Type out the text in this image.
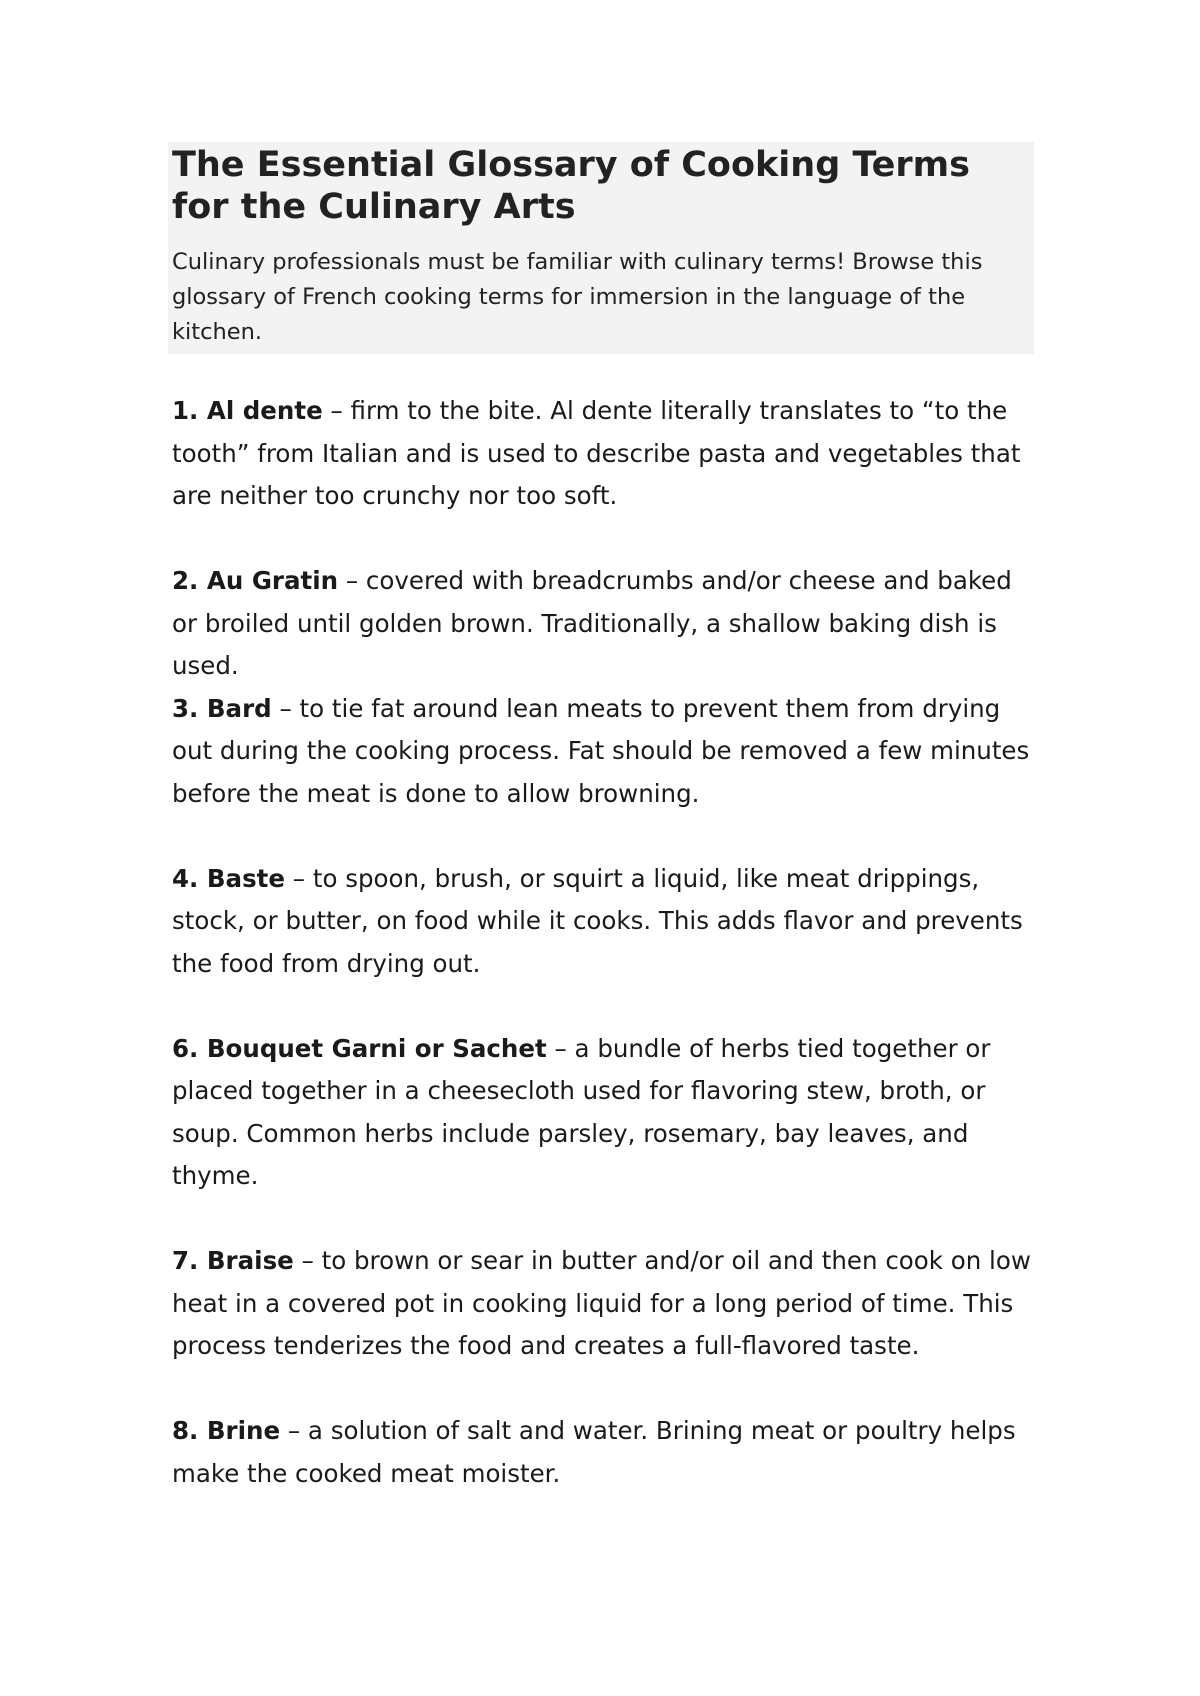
The Essential Glossary of Cooking Terms for the Culinary Arts

Culinary professionals must be familiar with culinary terms! Browse this glossary of French cooking terms for immersion in the language of the kitchen.

1. Al dente – firm to the bite. Al dente literally translates to “to the tooth” from Italian and is used to describe pasta and vegetables that are neither too crunchy nor too soft.

2. Au Gratin – covered with breadcrumbs and/or cheese and baked or broiled until golden brown. Traditionally, a shallow baking dish is used.

3. Bard – to tie fat around lean meats to prevent them from drying out during the cooking process. Fat should be removed a few minutes before the meat is done to allow browning.

4. Baste – to spoon, brush, or squirt a liquid, like meat drippings, stock, or butter, on food while it cooks. This adds flavor and prevents the food from drying out.

6. Bouquet Garni or Sachet – a bundle of herbs tied together or placed together in a cheesecloth used for flavoring stew, broth, or soup. Common herbs include parsley, rosemary, bay leaves, and thyme.

7. Braise – to brown or sear in butter and/or oil and then cook on low heat in a covered pot in cooking liquid for a long period of time. This process tenderizes the food and creates a full-flavored taste.

8. Brine – a solution of salt and water. Brining meat or poultry helps make the cooked meat moister.
